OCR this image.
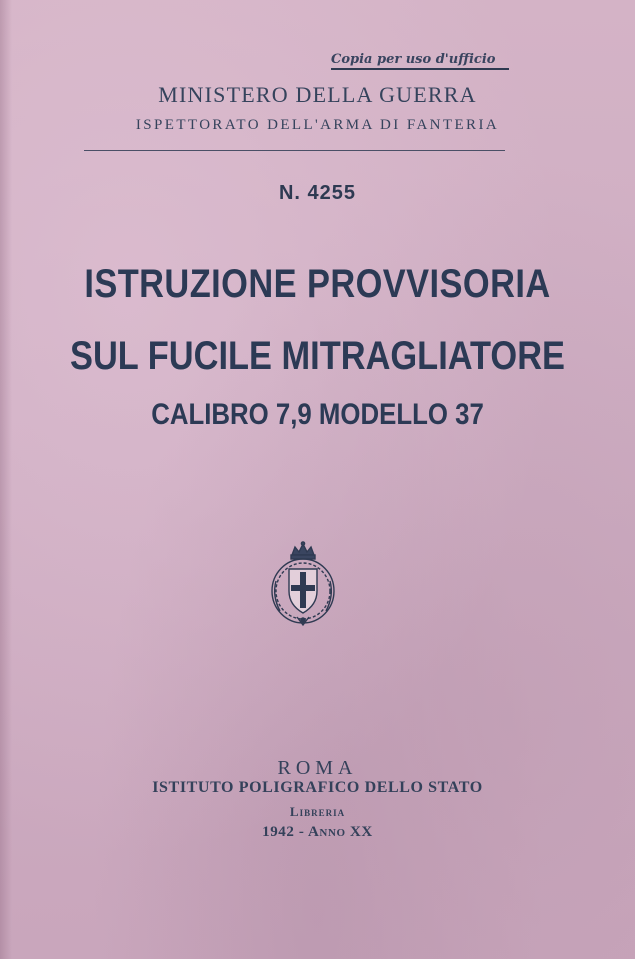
Copia per uso d'ufficio
MINISTERO DELLA GUERRA
ISPETTORATO DELL'ARMA DI FANTERIA
N. 4255
ISTRUZIONE PROVVISORIA
SUL FUCILE MITRAGLIATORE
CALIBRO 7,9 MODELLO 37
ROMA
ISTITUTO POLIGRAFICO DELLO STATO
Libreria
1942 - Anno XX
